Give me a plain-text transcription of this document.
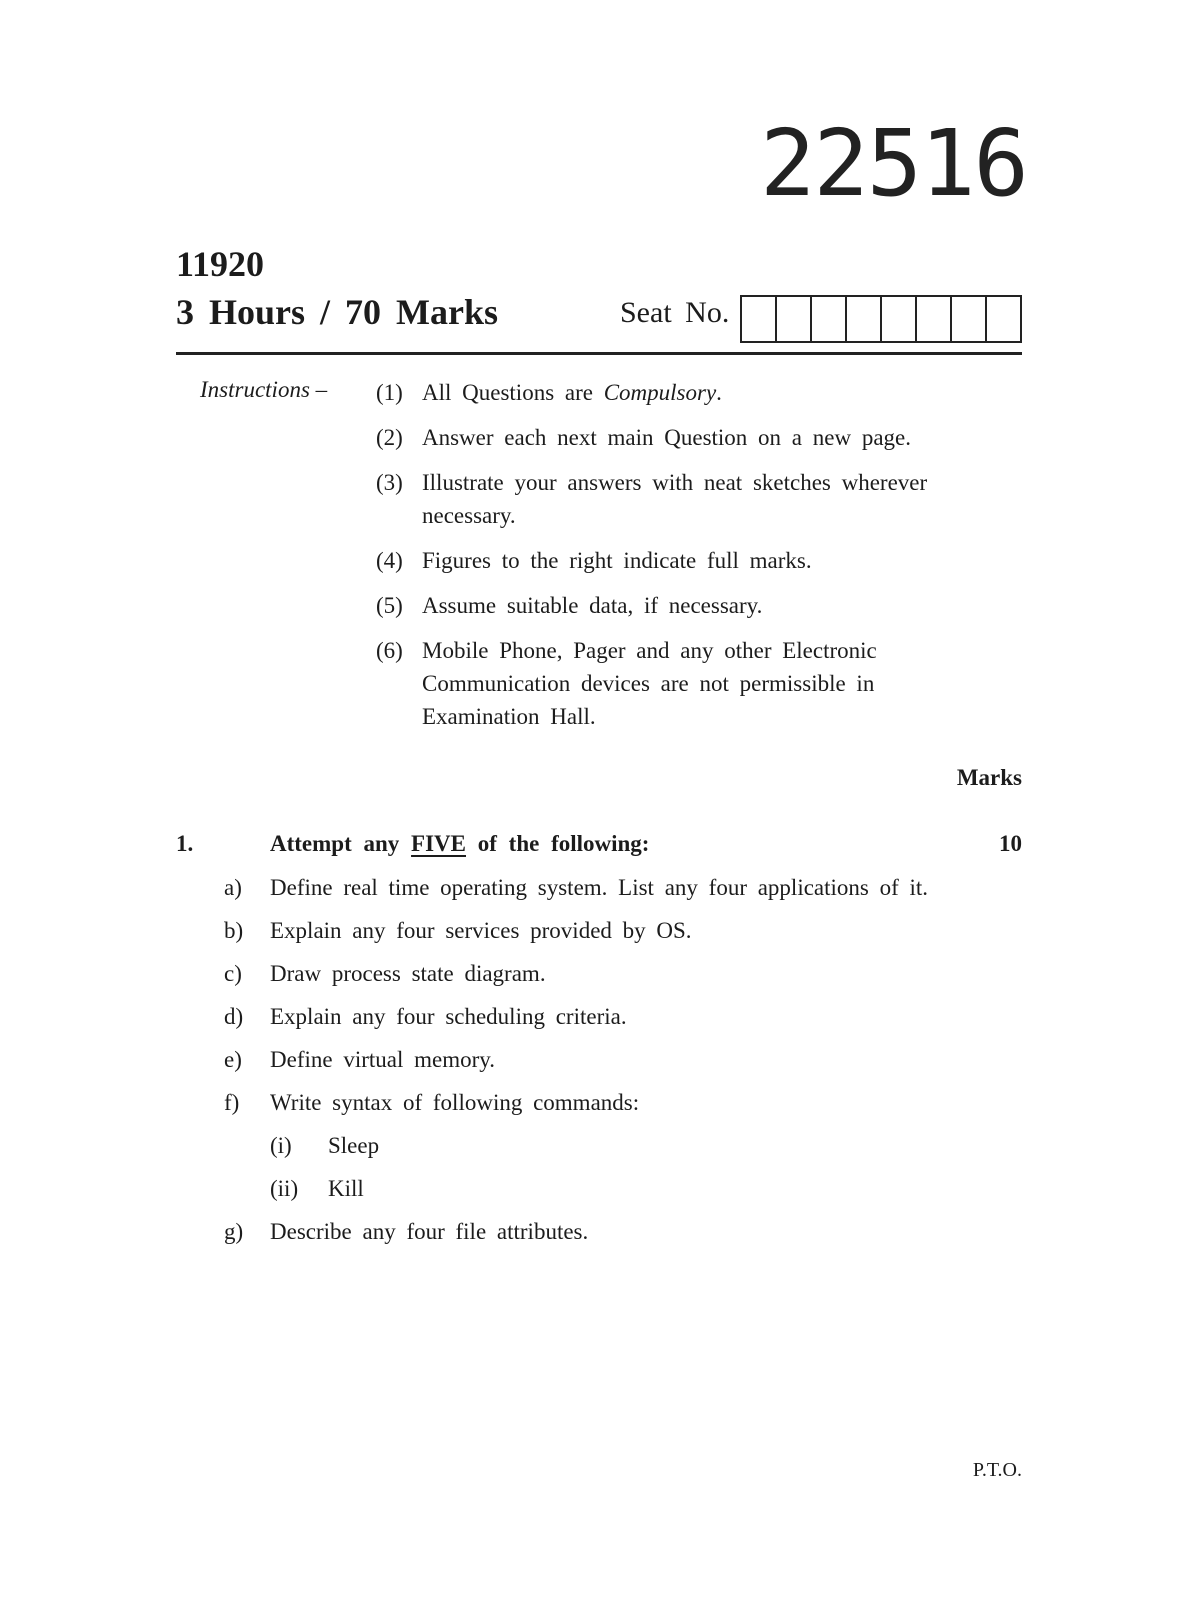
22516
11920
3 Hours / 70 Marks	Seat No.
Instructions – (1) All Questions are Compulsory.
(2) Answer each next main Question on a new page.
(3) Illustrate your answers with neat sketches wherever necessary.
(4) Figures to the right indicate full marks.
(5) Assume suitable data, if necessary.
(6) Mobile Phone, Pager and any other Electronic Communication devices are not permissible in Examination Hall.
Marks
1.	Attempt any FIVE of the following:	10
a)	Define real time operating system. List any four applications of it.
b)	Explain any four services provided by OS.
c)	Draw process state diagram.
d)	Explain any four scheduling criteria.
e)	Define virtual memory.
f)	Write syntax of following commands:
(i)	Sleep
(ii)	Kill
g)	Describe any four file attributes.
P.T.O.
